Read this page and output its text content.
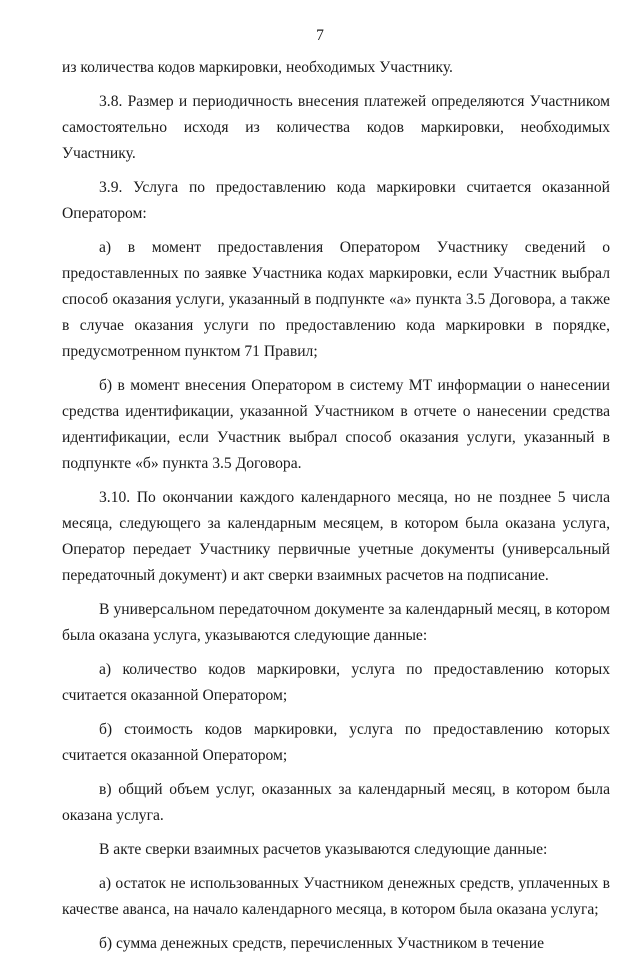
7

из количества кодов маркировки, необходимых Участнику.

3.8. Размер и периодичность внесения платежей определяются Участником самостоятельно исходя из количества кодов маркировки, необходимых Участнику.

3.9. Услуга по предоставлению кода маркировки считается оказанной Оператором:

а) в момент предоставления Оператором Участнику сведений о предоставленных по заявке Участника кодах маркировки, если Участник выбрал способ оказания услуги, указанный в подпункте «а» пункта 3.5 Договора, а также в случае оказания услуги по предоставлению кода маркировки в порядке, предусмотренном пунктом 71 Правил;

б) в момент внесения Оператором в систему МТ информации о нанесении средства идентификации, указанной Участником в отчете о нанесении средства идентификации, если Участник выбрал способ оказания услуги, указанный в подпункте «б» пункта 3.5 Договора.

3.10. По окончании каждого календарного месяца, но не позднее 5 числа месяца, следующего за календарным месяцем, в котором была оказана услуга, Оператор передает Участнику первичные учетные документы (универсальный передаточный документ) и акт сверки взаимных расчетов на подписание.

В универсальном передаточном документе за календарный месяц, в котором была оказана услуга, указываются следующие данные:

а) количество кодов маркировки, услуга по предоставлению которых считается оказанной Оператором;

б) стоимость кодов маркировки, услуга по предоставлению которых считается оказанной Оператором;

в) общий объем услуг, оказанных за календарный месяц, в котором была оказана услуга.

В акте сверки взаимных расчетов указываются следующие данные:

а) остаток не использованных Участником денежных средств, уплаченных в качестве аванса, на начало календарного месяца, в котором была оказана услуга;

б) сумма денежных средств, перечисленных Участником в течение
